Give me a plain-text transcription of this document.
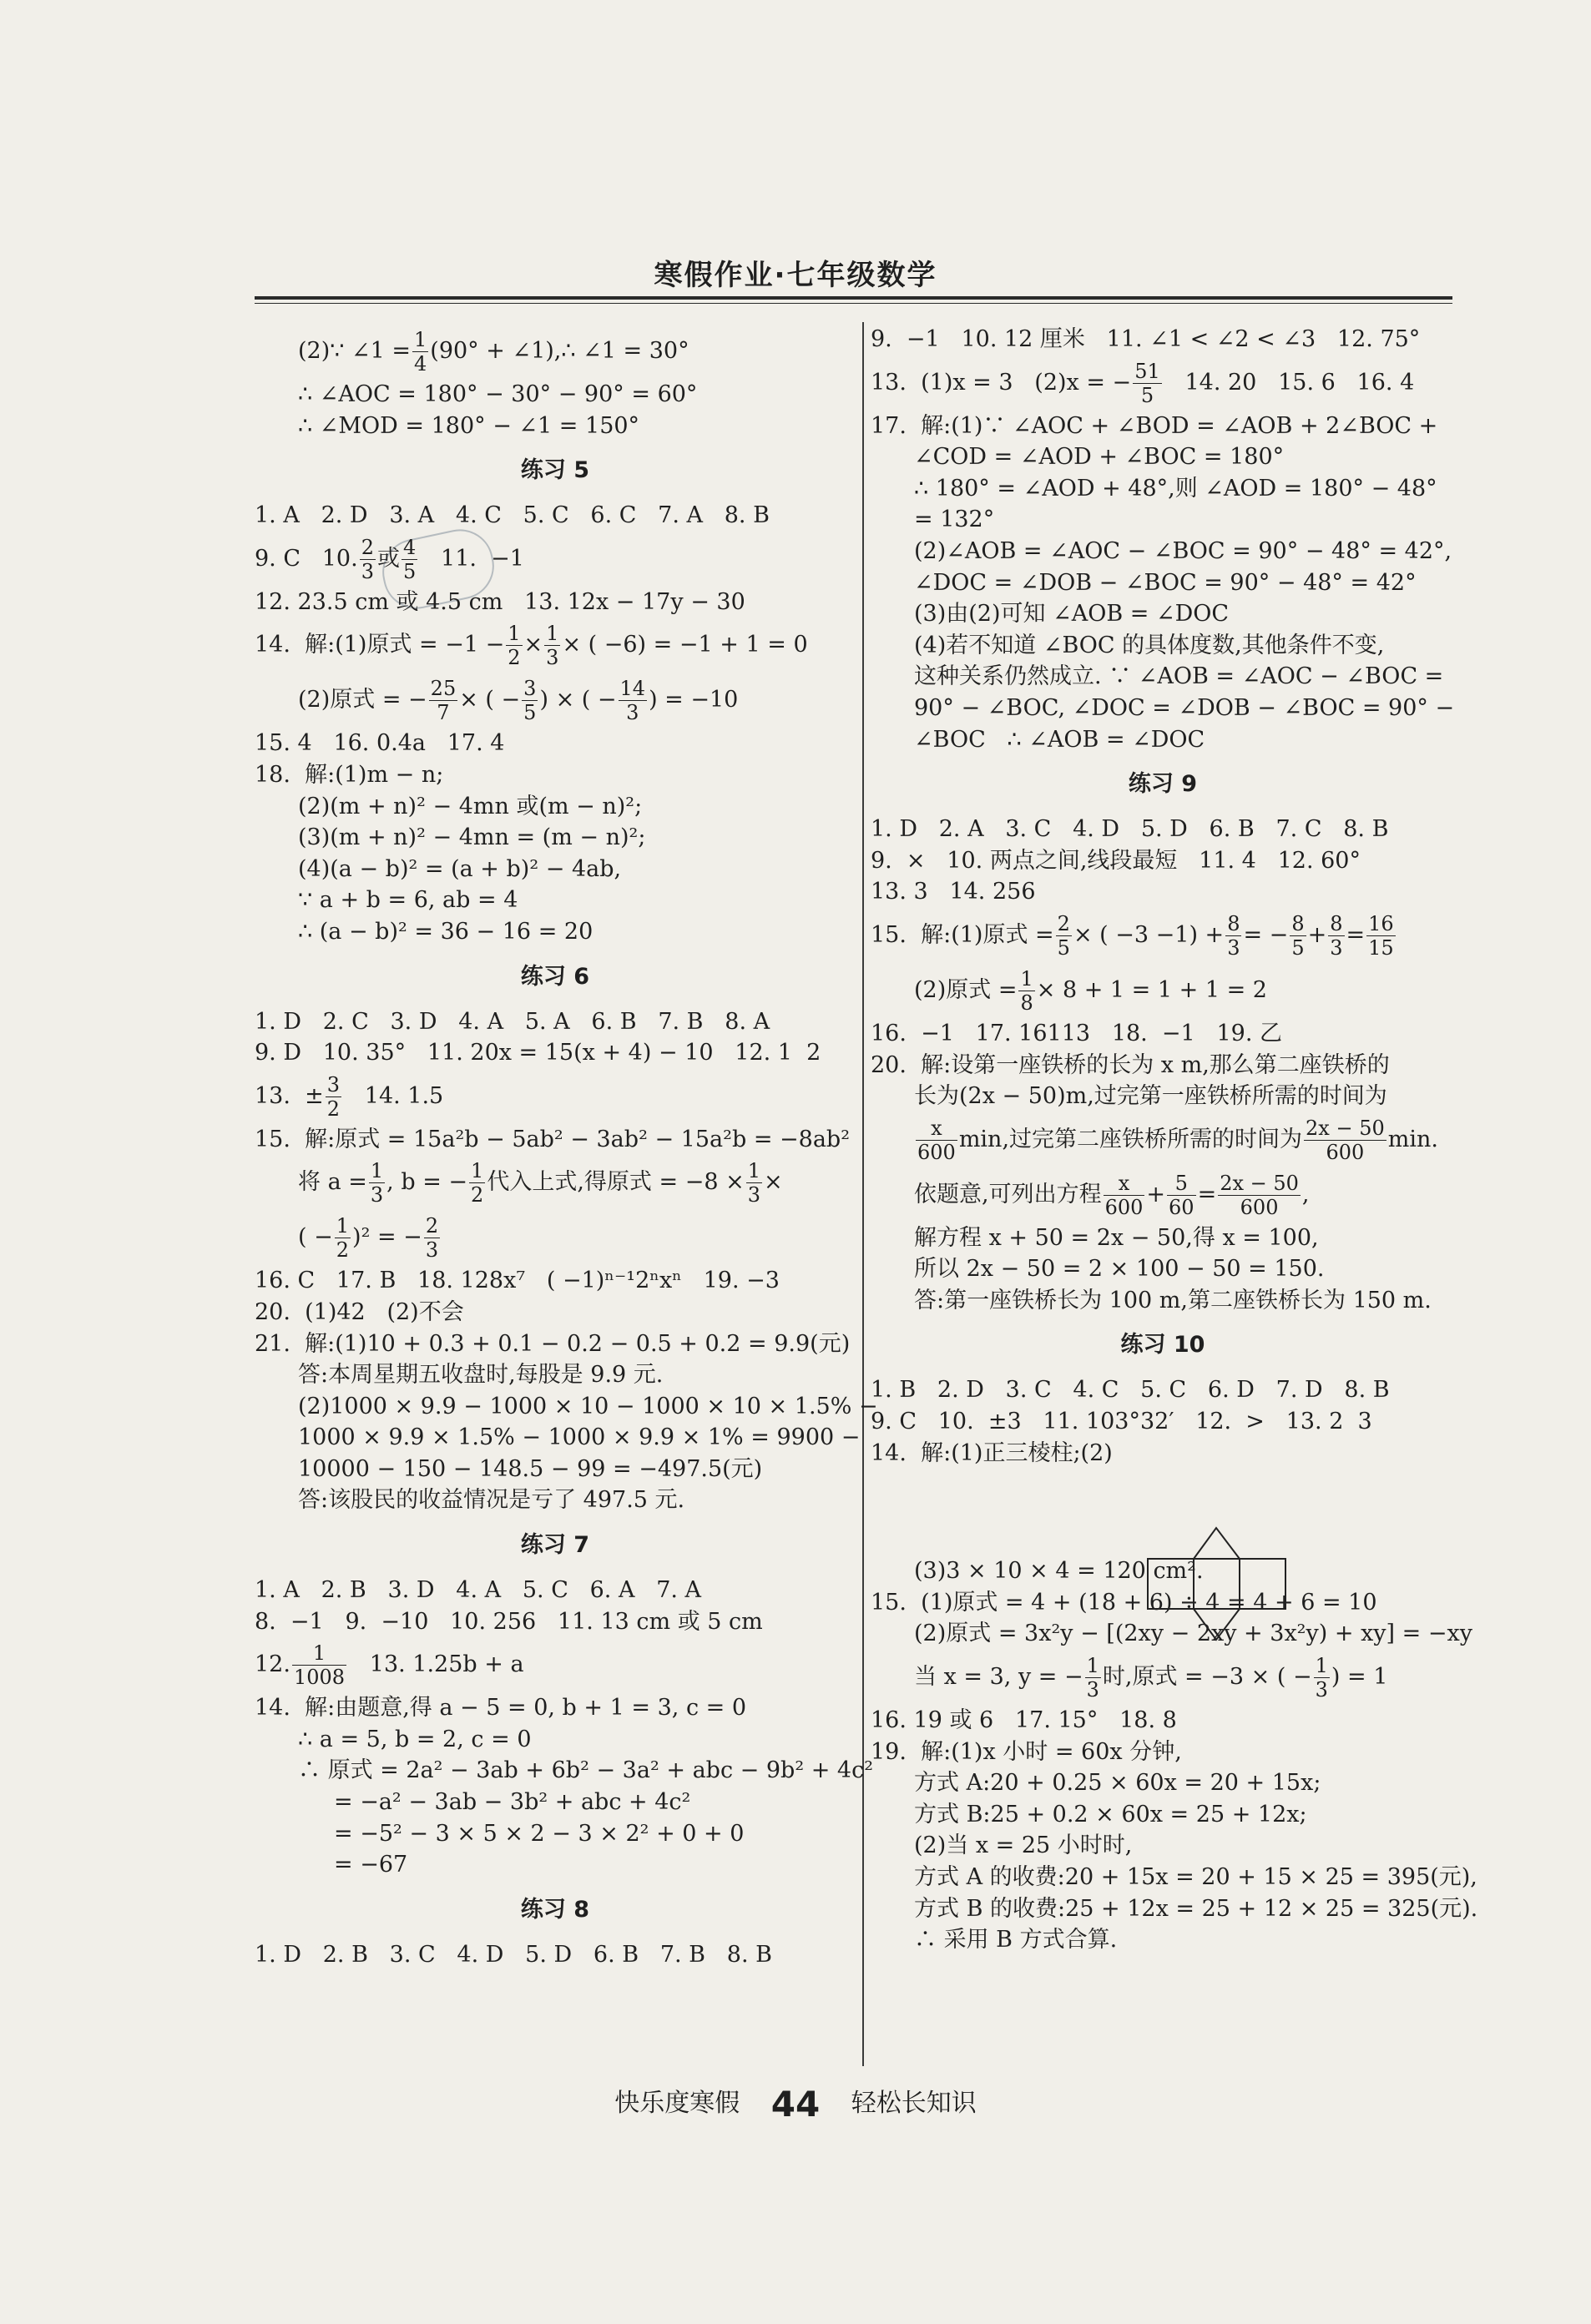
寒假作业·七年级数学
(2)∵ ∠1 = $\frac{1}{4} (90^\circ$ + ∠1),∴ ∠1 = 30°
∴ ∠AOC = 180° − 30° − 90° = 60°
∴ ∠MOD = 180° − ∠1 = 150°
练习 5
1. A   2. D   3. A   4. C   5. C   6. C   7. A   8. B
9. C   10. $\frac{2}{3}$ 或 $\frac{4}{5} 11$.  −1
12. 23.5 cm 或 4.5 cm   13. 12x − 17y − 30
14.  解:(1)原式 = $-1 - \frac{1}{2} \times \frac{1}{3}$ × ( −6) = −1 + 1 = 0
(2)原式 = − $\frac{25}{7}$ × ( − $\frac{3}{5}$ ) × ( − $\frac{14}{3}$ ) = −10
15. 4   16. 0.4a   17. 4
18.  解:(1)m − n;
(2)(m + n)² − 4mn 或(m − n)²;
(3)(m + n)² − 4mn = (m − n)²;
(4)(a − b)² = (a + b)² − 4ab,
∵ a + b = 6, ab = 4
∴ (a − b)² = 36 − 16 = 20
练习 6
1. D   2. C   3. D   4. A   5. A   6. B   7. B   8. A
9. D   10. 35°   11. 20x = 15(x + 4) − 10   12. 1  2
13.  ± $\frac{3}{2} 14$. 1.5
15.  解:原式 = 15a²b − 5ab² − 3ab² − 15a²b = −8ab²
将 $a = \frac{1}{3}$ , b = − $\frac{1}{2}$ 代入上式,得原式 = $-8 \times \frac{1}{3}$ ×
( − $\frac{1}{2} )^2$ = − $\frac{2}{3}$
16. C   17. B   18. 128x⁷   ( −1)ⁿ⁻¹2ⁿxⁿ   19. −3
20.  (1)42   (2)不会
21.  解:(1)10 + 0.3 + 0.1 − 0.2 − 0.5 + 0.2 = 9.9(元)
答:本周星期五收盘时,每股是 9.9 元.
(2)1000 × 9.9 − 1000 × 10 − 1000 × 10 × 1.5% −
1000 × 9.9 × 1.5% − 1000 × 9.9 × 1% = 9900 −
10000 − 150 − 148.5 − 99 = −497.5(元)
答:该股民的收益情况是亏了 497.5 元.
练习 7
1. A   2. B   3. D   4. A   5. C   6. A   7. A
8.  −1   9.  −10   10. 256   11. 13 cm 或 5 cm
12. $\frac{1}{1008} 13$. 1.25b + a
14.  解:由题意,得 a − 5 = 0, b + 1 = 3, c = 0
∴ a = 5, b = 2, c = 0
∴ 原式 = 2a² − 3ab + 6b² − 3a² + abc − 9b² + 4c²
= −a² − 3ab − 3b² + abc + 4c²
= −5² − 3 × 5 × 2 − 3 × 2² + 0 + 0
= −67
练习 8
1. D   2. B   3. C   4. D   5. D   6. B   7. B   8. B
9.  −1   10. 12 厘米   11. ∠1 < ∠2 < ∠3   12. 75°
13.  (1)x = 3   (2)x = − $\frac{51}{5} 14$. 20   15. 6   16. 4
17.  解:(1)∵ ∠AOC + ∠BOD = ∠AOB + 2∠BOC +
∠COD = ∠AOD + ∠BOC = 180°
∴ 180° = ∠AOD + 48°,则 ∠AOD = 180° − 48°
= 132°
(2)∠AOB = ∠AOC − ∠BOC = 90° − 48° = 42°,
∠DOC = ∠DOB − ∠BOC = 90° − 48° = 42°
(3)由(2)可知 ∠AOB = ∠DOC
(4)若不知道 ∠BOC 的具体度数,其他条件不变,
这种关系仍然成立. ∵ ∠AOB = ∠AOC − ∠BOC =
90° − ∠BOC, ∠DOC = ∠DOB − ∠BOC = 90° −
∠BOC   ∴ ∠AOB = ∠DOC
练习 9
1. D   2. A   3. C   4. D   5. D   6. B   7. C   8. B
9.  ×   10. 两点之间,线段最短   11. 4   12. 60°
13. 3   14. 256
15.  解:(1)原式 = $\frac{2}{5}$ × ( $-3 -1) + \frac{8}{3}$ = − $\frac{8}{5} + \frac{8}{3} = \frac{16}{15}$
(2)原式 = $\frac{1}{8} \times 8 + 1 = 1 + 1 = 2$
16.  −1   17. 16113   18.  −1   19. 乙
20.  解:设第一座铁桥的长为 x m,那么第二座铁桥的
长为(2x − 50)m,过完第一座铁桥所需的时间为
$\frac{x}{600} \min$,过完第二座铁桥所需的时间为 $\frac{2x - 50}{600} \min$.
依题意,可列出方程 $\frac{x}{600} + \frac{5}{60} = \frac{2x - 50}{600}$ ,
解方程 x + 50 = 2x − 50,得 x = 100,
所以 2x − 50 = 2 × 100 − 50 = 150.
答:第一座铁桥长为 100 m,第二座铁桥长为 150 m.
练习 10
1. B   2. D   3. C   4. C   5. C   6. D   7. D   8. B
9. C   10.  ±3   11. 103°32′   12.  >   13. 2  3
14.  解:(1)正三棱柱;(2)
(3)3 × 10 × 4 = 120 cm².
15.  (1)原式 = 4 + (18 + 6) ÷ 4 = 4 + 6 = 10
(2)原式 = 3x²y − [(2xy − 2xy + 3x²y) + xy] = −xy
当 x = 3, y = − $\frac{1}{3}$ 时,原式 = −3 × ( − $\frac{1}{3}$ ) = 1
16. 19 或 6   17. 15°   18. 8
19.  解:(1)x 小时 = 60x 分钟,
方式 A:20 + 0.25 × 60x = 20 + 15x;
方式 B:25 + 0.2 × 60x = 25 + 12x;
(2)当 x = 25 小时时,
方式 A 的收费:20 + 15x = 20 + 15 × 25 = 395(元),
方式 B 的收费:25 + 12x = 25 + 12 × 25 = 325(元).
∴ 采用 B 方式合算.
快乐度寒假 44 轻松长知识
